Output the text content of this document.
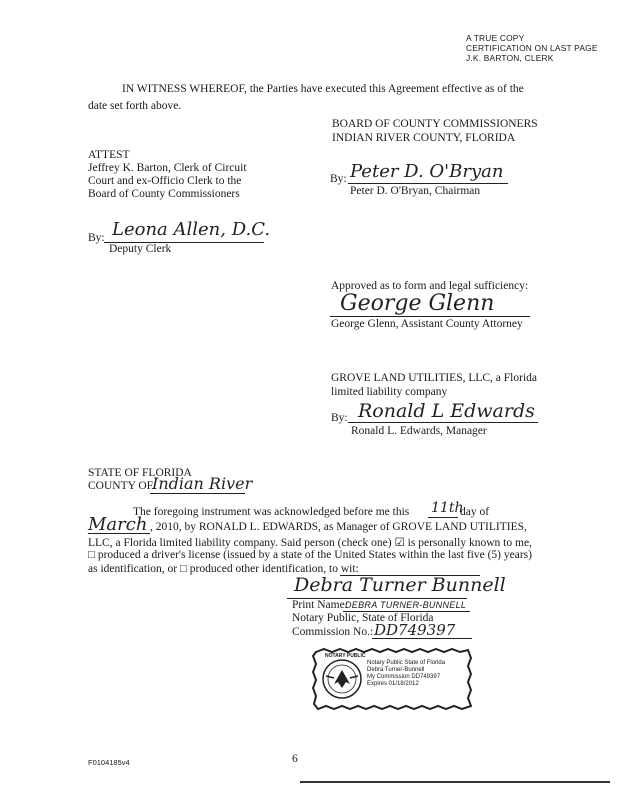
A TRUE COPY
CERTIFICATION ON LAST PAGE
J.K. BARTON, CLERK
IN WITNESS WHEREOF, the Parties have executed this Agreement effective as of the
date set forth above.
BOARD OF COUNTY COMMISSIONERS
INDIAN RIVER COUNTY, FLORIDA
By: Peter D. O'Bryan
Peter D. O'Bryan, Chairman
ATTEST
Jeffrey K. Barton, Clerk of Circuit
Court and ex-Officio Clerk to the
Board of County Commissioners
By: Leona Allen, D.C.
Deputy Clerk
Approved as to form and legal sufficiency:
George Glenn
George Glenn, Assistant County Attorney
GROVE LAND UTILITIES, LLC, a Florida
limited liability company
By: Ronald L Edwards
Ronald L. Edwards, Manager
STATE OF FLORIDA
COUNTY OF
Indian River
The foregoing instrument was acknowledged before me this 11th
day of
March , 2010, by RONALD L. EDWARDS, as Manager of GROVE LAND UTILITIES,
LLC, a Florida limited liability company. Said person (check one) ☑ is personally known to me,
□ produced a driver's license (issued by a state of the United States within the last five (5) years)
as identification, or □ produced other identification, to wit:
Debra Turner Bunnell
Print Name:
DEBRA TURNER-BUNNELL
Notary Public, State of Florida
Commission No.: DD749397
NOTARY PUBLIC
Notary Public State of Florida
Debra Turner-Bunnell
My Commission DD749397
Expires 01/18/2012
F0104185v4	6
